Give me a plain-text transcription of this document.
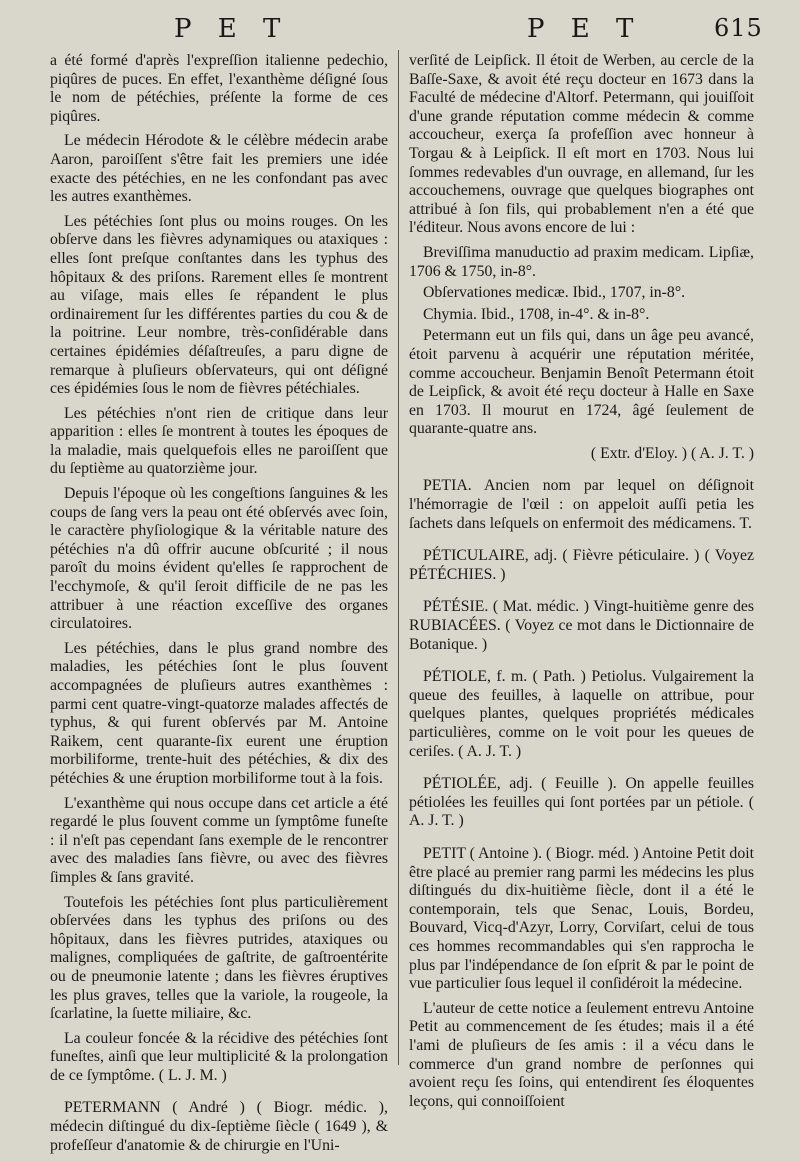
P E T	P E T	615

a été formé d'après l'expreſſion italienne pedechio, piqûres de puces. En effet, l'exanthème déſigné ſous le nom de pétéchies, préſente la forme de ces piqûres.

Le médecin Hérodote & le célèbre médecin arabe Aaron, paroiſſent s'être fait les premiers une idée exacte des pétéchies, en ne les confondant pas avec les autres exanthèmes.

Les pétéchies ſont plus ou moins rouges. On les obſerve dans les fièvres adynamiques ou ataxiques : elles ſont preſque conſtantes dans les typhus des hôpitaux & des priſons. Rarement elles ſe montrent au viſage, mais elles ſe répandent le plus ordinairement ſur les différentes parties du cou & de la poitrine. Leur nombre, très-conſidérable dans certaines épidémies déſaſtreuſes, a paru digne de remarque à pluſieurs obſervateurs, qui ont déſigné ces épidémies ſous le nom de fièvres pétéchiales.

Les pétéchies n'ont rien de critique dans leur apparition : elles ſe montrent à toutes les époques de la maladie, mais quelquefois elles ne paroiſſent que du ſeptième au quatorzième jour.

Depuis l'époque où les congeſtions ſanguines & les coups de ſang vers la peau ont été obſervés avec ſoin, le caractère phyſiologique & la véritable nature des pétéchies n'a dû offrir aucune obſcurité ; il nous paroît du moins évident qu'elles ſe rapprochent de l'ecchymoſe, & qu'il ſeroit difficile de ne pas les attribuer à une réaction exceſſive des organes circulatoires.

Les pétéchies, dans le plus grand nombre des maladies, les pétéchies ſont le plus ſouvent accompagnées de pluſieurs autres exanthèmes : parmi cent quatre-vingt-quatorze malades affectés de typhus, & qui furent obſervés par M. Antoine Raikem, cent quarante-ſix eurent une éruption morbiliforme, trente-huit des pétéchies, & dix des pétéchies & une éruption morbiliforme tout à la fois.

L'exanthème qui nous occupe dans cet article a été regardé le plus ſouvent comme un ſymptôme funeſte : il n'eſt pas cependant ſans exemple de le rencontrer avec des maladies ſans fièvre, ou avec des fièvres ſimples & ſans gravité.

Toutefois les pétéchies ſont plus particulièrement obſervées dans les typhus des priſons ou des hôpitaux, dans les fièvres putrides, ataxiques ou malignes, compliquées de gaſtrite, de gaſtroentérite ou de pneumonie latente ; dans les fièvres éruptives les plus graves, telles que la variole, la rougeole, la ſcarlatine, la ſuette miliaire, &c.

La couleur foncée & la récidive des pétéchies ſont funeſtes, ainſi que leur multiplicité & la prolongation de ce ſymptôme. ( L. J. M. )

PETERMANN ( André ) ( Biogr. médic. ), médecin diſtingué du dix-ſeptième ſiècle ( 1649 ), & profeſſeur d'anatomie & de chirurgie en l'Uni-

verſité de Leipſick. Il étoit de Werben, au cercle de la Baſſe-Saxe, & avoit été reçu docteur en 1673 dans la Faculté de médecine d'Altorf. Petermann, qui jouiſſoit d'une grande réputation comme médecin & comme accoucheur, exerça ſa profeſſion avec honneur à Torgau & à Leipſick. Il eſt mort en 1703. Nous lui ſommes redevables d'un ouvrage, en allemand, ſur les accouchemens, ouvrage que quelques biographes ont attribué à ſon fils, qui probablement n'en a été que l'éditeur. Nous avons encore de lui :

Breviſſima manuductio ad praxim medicam. Lipſiæ, 1706 & 1750, in-8°.

Obſervationes medicæ. Ibid., 1707, in-8°.

Chymia. Ibid., 1708, in-4°. & in-8°.

Petermann eut un fils qui, dans un âge peu avancé, étoit parvenu à acquérir une réputation méritée, comme accoucheur. Benjamin Benoît Petermann étoit de Leipſick, & avoit été reçu docteur à Halle en Saxe en 1703. Il mourut en 1724, âgé ſeulement de quarante-quatre ans.

( Extr. d'Eloy. ) ( A. J. T. )

PETIA. Ancien nom par lequel on déſignoit l'hémorragie de l'œil : on appeloit auſſi petia les ſachets dans leſquels on enfermoit des médicamens. T.

PÉTICULAIRE, adj. ( Fièvre péticulaire. ) ( Voyez PÉTÉCHIES. )

PÉTÉSIE. ( Mat. médic. ) Vingt-huitième genre des RUBIACÉES. ( Voyez ce mot dans le Dictionnaire de Botanique. )

PÉTIOLE, f. m. ( Path. ) Petiolus. Vulgairement la queue des feuilles, à laquelle on attribue, pour quelques plantes, quelques propriétés médicales particulières, comme on le voit pour les queues de ceriſes. ( A. J. T. )

PÉTIOLÉE, adj. ( Feuille ). On appelle feuilles pétiolées les feuilles qui ſont portées par un pétiole. ( A. J. T. )

PETIT ( Antoine ). ( Biogr. méd. ) Antoine Petit doit être placé au premier rang parmi les médecins les plus diſtingués du dix-huitième ſiècle, dont il a été le contemporain, tels que Senac, Louis, Bordeu, Bouvard, Vicq-d'Azyr, Lorry, Corviſart, celui de tous ces hommes recommandables qui s'en rapprocha le plus par l'indépendance de ſon eſprit & par le point de vue particulier ſous lequel il conſidéroit la médecine.

L'auteur de cette notice a ſeulement entrevu Antoine Petit au commencement de ſes études; mais il a été l'ami de pluſieurs de ſes amis : il a vécu dans le commerce d'un grand nombre de perſonnes qui avoient reçu ſes ſoins, qui entendirent ſes éloquentes leçons, qui connoiſſoient
